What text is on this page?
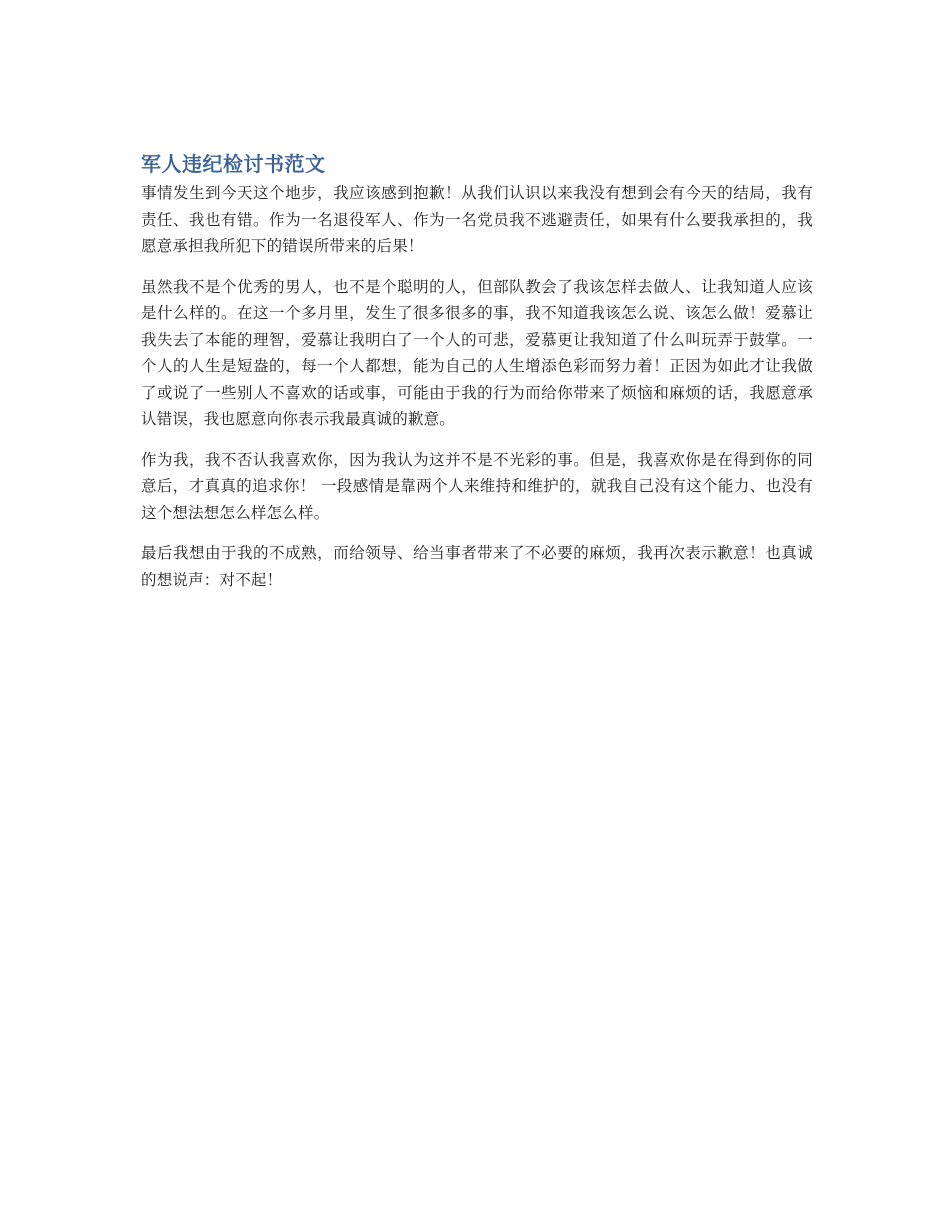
军人违纪检讨书范文

事情发生到今天这个地步，我应该感到抱歉！从我们认识以来我没有想到会有今天的结局，我有责任、我也有错。作为一名退役军人、作为一名党员我不逃避责任，如果有什么要我承担的，我愿意承担我所犯下的错误所带来的后果！

虽然我不是个优秀的男人，也不是个聪明的人，但部队教会了我该怎样去做人、让我知道人应该是什么样的。在这一个多月里，发生了很多很多的事，我不知道我该怎么说、该怎么做！爱慕让我失去了本能的理智，爱慕让我明白了一个人的可悲，爱慕更让我知道了什么叫玩弄于鼓掌。一个人的人生是短盎的，每一个人都想，能为自己的人生增添色彩而努力着！正因为如此才让我做了或说了一些别人不喜欢的话或事，可能由于我的行为而给你带来了烦恼和麻烦的话，我愿意承认错误，我也愿意向你表示我最真诚的歉意。

作为我，我不否认我喜欢你，因为我认为这并不是不光彩的事。但是，我喜欢你是在得到你的同意后，才真真的追求你！ 一段感情是靠两个人来维持和维护的，就我自己没有这个能力、也没有这个想法想怎么样怎么样。

最后我想由于我的不成熟，而给领导、给当事者带来了不必要的麻烦，我再次表示歉意！也真诚的想说声：对不起！
